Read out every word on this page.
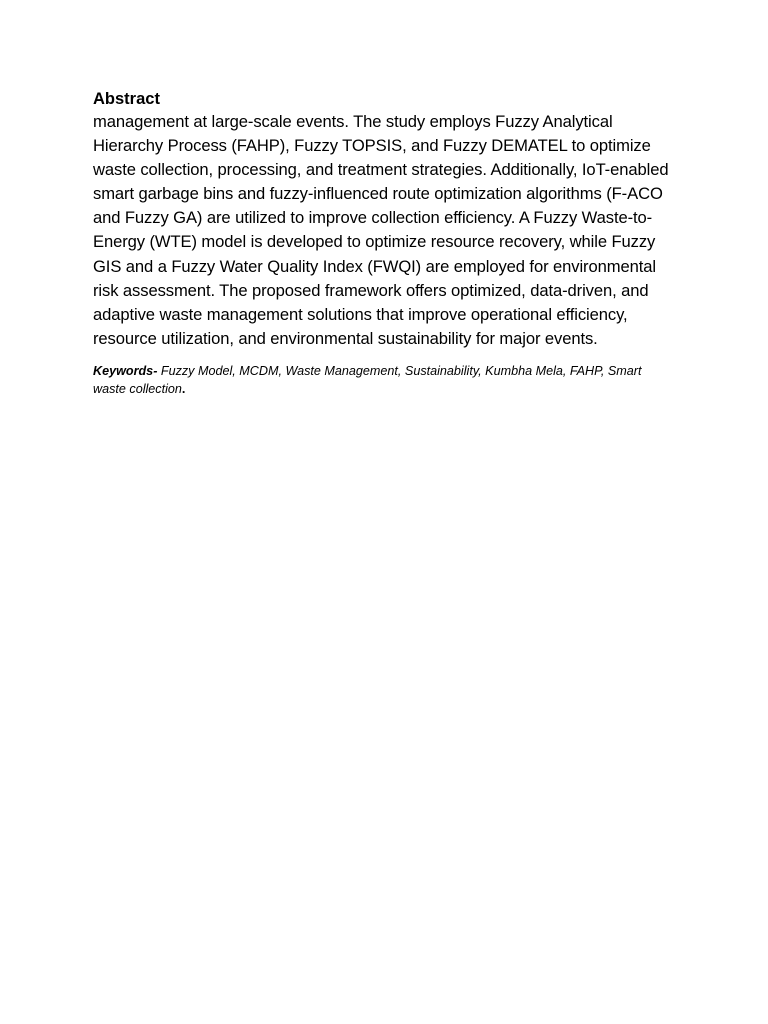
Abstract

management at large-scale events. The study employs Fuzzy Analytical Hierarchy Process (FAHP), Fuzzy TOPSIS, and Fuzzy DEMATEL to optimize waste collection, processing, and treatment strategies. Additionally, IoT-enabled smart garbage bins and fuzzy-influenced route optimization algorithms (F-ACO and Fuzzy GA) are utilized to improve collection efficiency. A Fuzzy Waste-to-Energy (WTE) model is developed to optimize resource recovery, while Fuzzy GIS and a Fuzzy Water Quality Index (FWQI) are employed for environmental risk assessment. The proposed framework offers optimized, data-driven, and adaptive waste management solutions that improve operational efficiency, resource utilization, and environmental sustainability for major events.

Keywords- Fuzzy Model, MCDM, Waste Management, Sustainability, Kumbha Mela, FAHP, Smart waste collection.
